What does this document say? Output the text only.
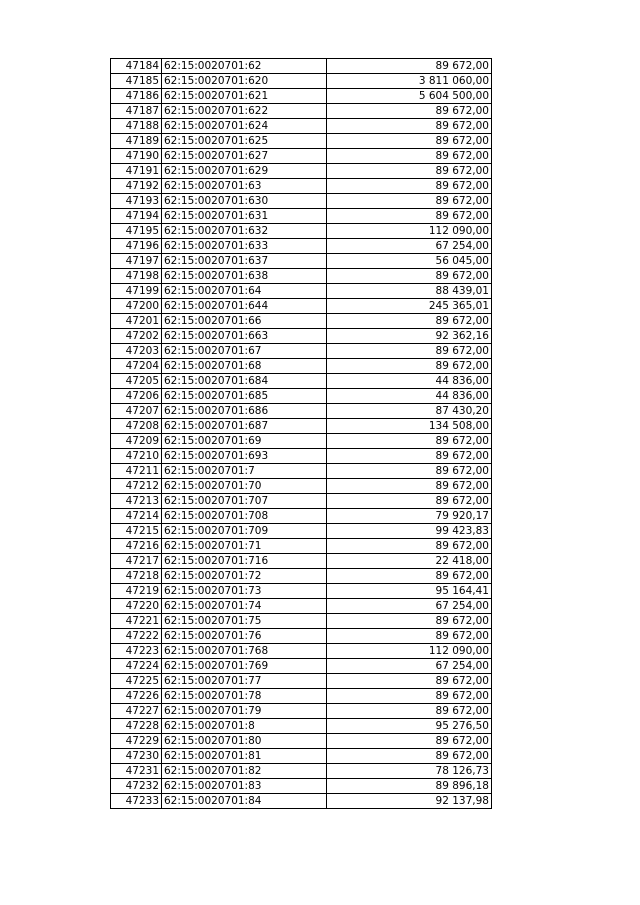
47184	62:15:0020701:62	89 672,00
47185	62:15:0020701:620	3 811 060,00
47186	62:15:0020701:621	5 604 500,00
47187	62:15:0020701:622	89 672,00
47188	62:15:0020701:624	89 672,00
47189	62:15:0020701:625	89 672,00
47190	62:15:0020701:627	89 672,00
47191	62:15:0020701:629	89 672,00
47192	62:15:0020701:63	89 672,00
47193	62:15:0020701:630	89 672,00
47194	62:15:0020701:631	89 672,00
47195	62:15:0020701:632	112 090,00
47196	62:15:0020701:633	67 254,00
47197	62:15:0020701:637	56 045,00
47198	62:15:0020701:638	89 672,00
47199	62:15:0020701:64	88 439,01
47200	62:15:0020701:644	245 365,01
47201	62:15:0020701:66	89 672,00
47202	62:15:0020701:663	92 362,16
47203	62:15:0020701:67	89 672,00
47204	62:15:0020701:68	89 672,00
47205	62:15:0020701:684	44 836,00
47206	62:15:0020701:685	44 836,00
47207	62:15:0020701:686	87 430,20
47208	62:15:0020701:687	134 508,00
47209	62:15:0020701:69	89 672,00
47210	62:15:0020701:693	89 672,00
47211	62:15:0020701:7	89 672,00
47212	62:15:0020701:70	89 672,00
47213	62:15:0020701:707	89 672,00
47214	62:15:0020701:708	79 920,17
47215	62:15:0020701:709	99 423,83
47216	62:15:0020701:71	89 672,00
47217	62:15:0020701:716	22 418,00
47218	62:15:0020701:72	89 672,00
47219	62:15:0020701:73	95 164,41
47220	62:15:0020701:74	67 254,00
47221	62:15:0020701:75	89 672,00
47222	62:15:0020701:76	89 672,00
47223	62:15:0020701:768	112 090,00
47224	62:15:0020701:769	67 254,00
47225	62:15:0020701:77	89 672,00
47226	62:15:0020701:78	89 672,00
47227	62:15:0020701:79	89 672,00
47228	62:15:0020701:8	95 276,50
47229	62:15:0020701:80	89 672,00
47230	62:15:0020701:81	89 672,00
47231	62:15:0020701:82	78 126,73
47232	62:15:0020701:83	89 896,18
47233	62:15:0020701:84	92 137,98
